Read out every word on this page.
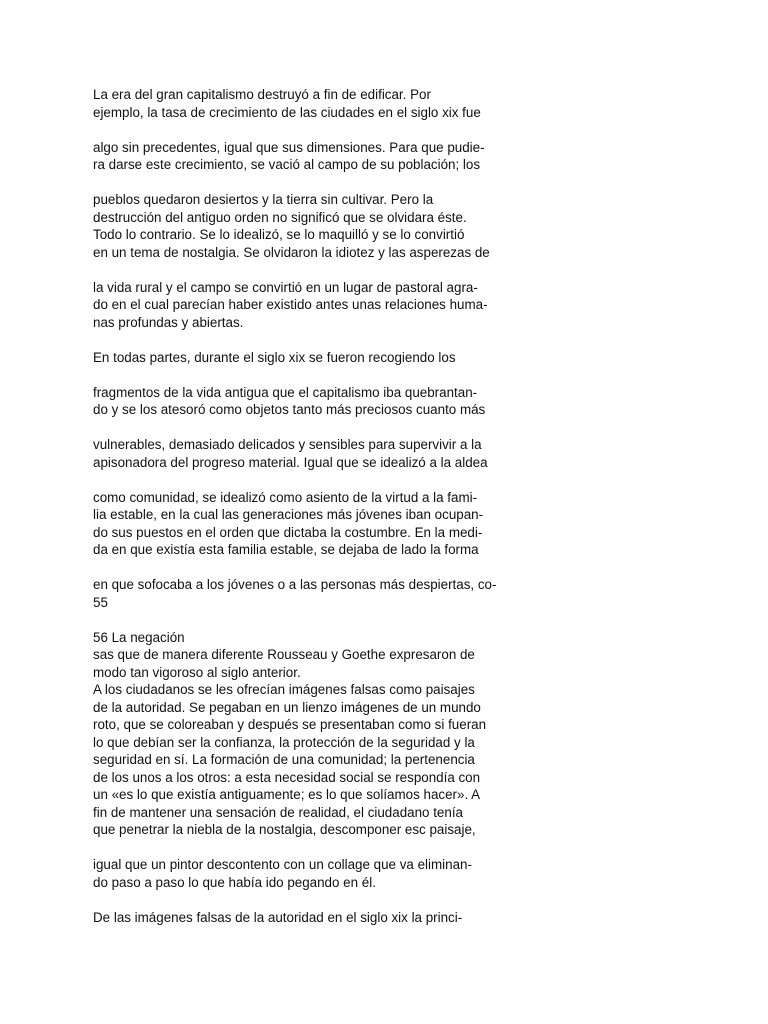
La era del gran capitalismo destruyó a fin de edificar. Por
ejemplo, la tasa de crecimiento de las ciudades en el siglo xix fue
algo sin precedentes, igual que sus dimensiones. Para que pudie-
ra darse este crecimiento, se vació al campo de su población; los
pueblos quedaron desiertos y la tierra sin cultivar. Pero la
destrucción del antiguo orden no significó que se olvidara éste.
Todo lo contrario. Se lo idealizó, se lo maquilló y se lo convirtió
en un tema de nostalgia. Se olvidaron la idiotez y las asperezas de
la vida rural y el campo se convirtió en un lugar de pastoral agra-
do en el cual parecían haber existido antes unas relaciones huma-
nas profundas y abiertas.
En todas partes, durante el siglo xix se fueron recogiendo los
fragmentos de la vida antigua que el capitalismo iba quebrantan-
do y se los atesoró como objetos tanto más preciosos cuanto más
vulnerables, demasiado delicados y sensibles para supervivir a la
apisonadora del progreso material. Igual que se idealizó a la aldea
como comunidad, se idealizó como asiento de la virtud a la fami-
lia estable, en la cual las generaciones más jóvenes iban ocupan-
do sus puestos en el orden que dictaba la costumbre. En la medi-
da en que existía esta familia estable, se dejaba de lado la forma
en que sofocaba a los jóvenes o a las personas más despiertas, co-
55
56 La negación
sas que de manera diferente Rousseau y Goethe expresaron de
modo tan vigoroso al siglo anterior.
A los ciudadanos se les ofrecían imágenes falsas como paisajes
de la autoridad. Se pegaban en un lienzo imágenes de un mundo
roto, que se coloreaban y después se presentaban como si fueran
lo que debían ser la confianza, la protección de la seguridad y la
seguridad en sí. La formación de una comunidad; la pertenencia
de los unos a los otros: a esta necesidad social se respondía con
un «es lo que existía antiguamente; es lo que solíamos hacer». A
fin de mantener una sensación de realidad, el ciudadano tenía
que penetrar la niebla de la nostalgia, descomponer esc paisaje,
igual que un pintor descontento con un collage que va eliminan-
do paso a paso lo que había ido pegando en él.
De las imágenes falsas de la autoridad en el siglo xix la princi-
